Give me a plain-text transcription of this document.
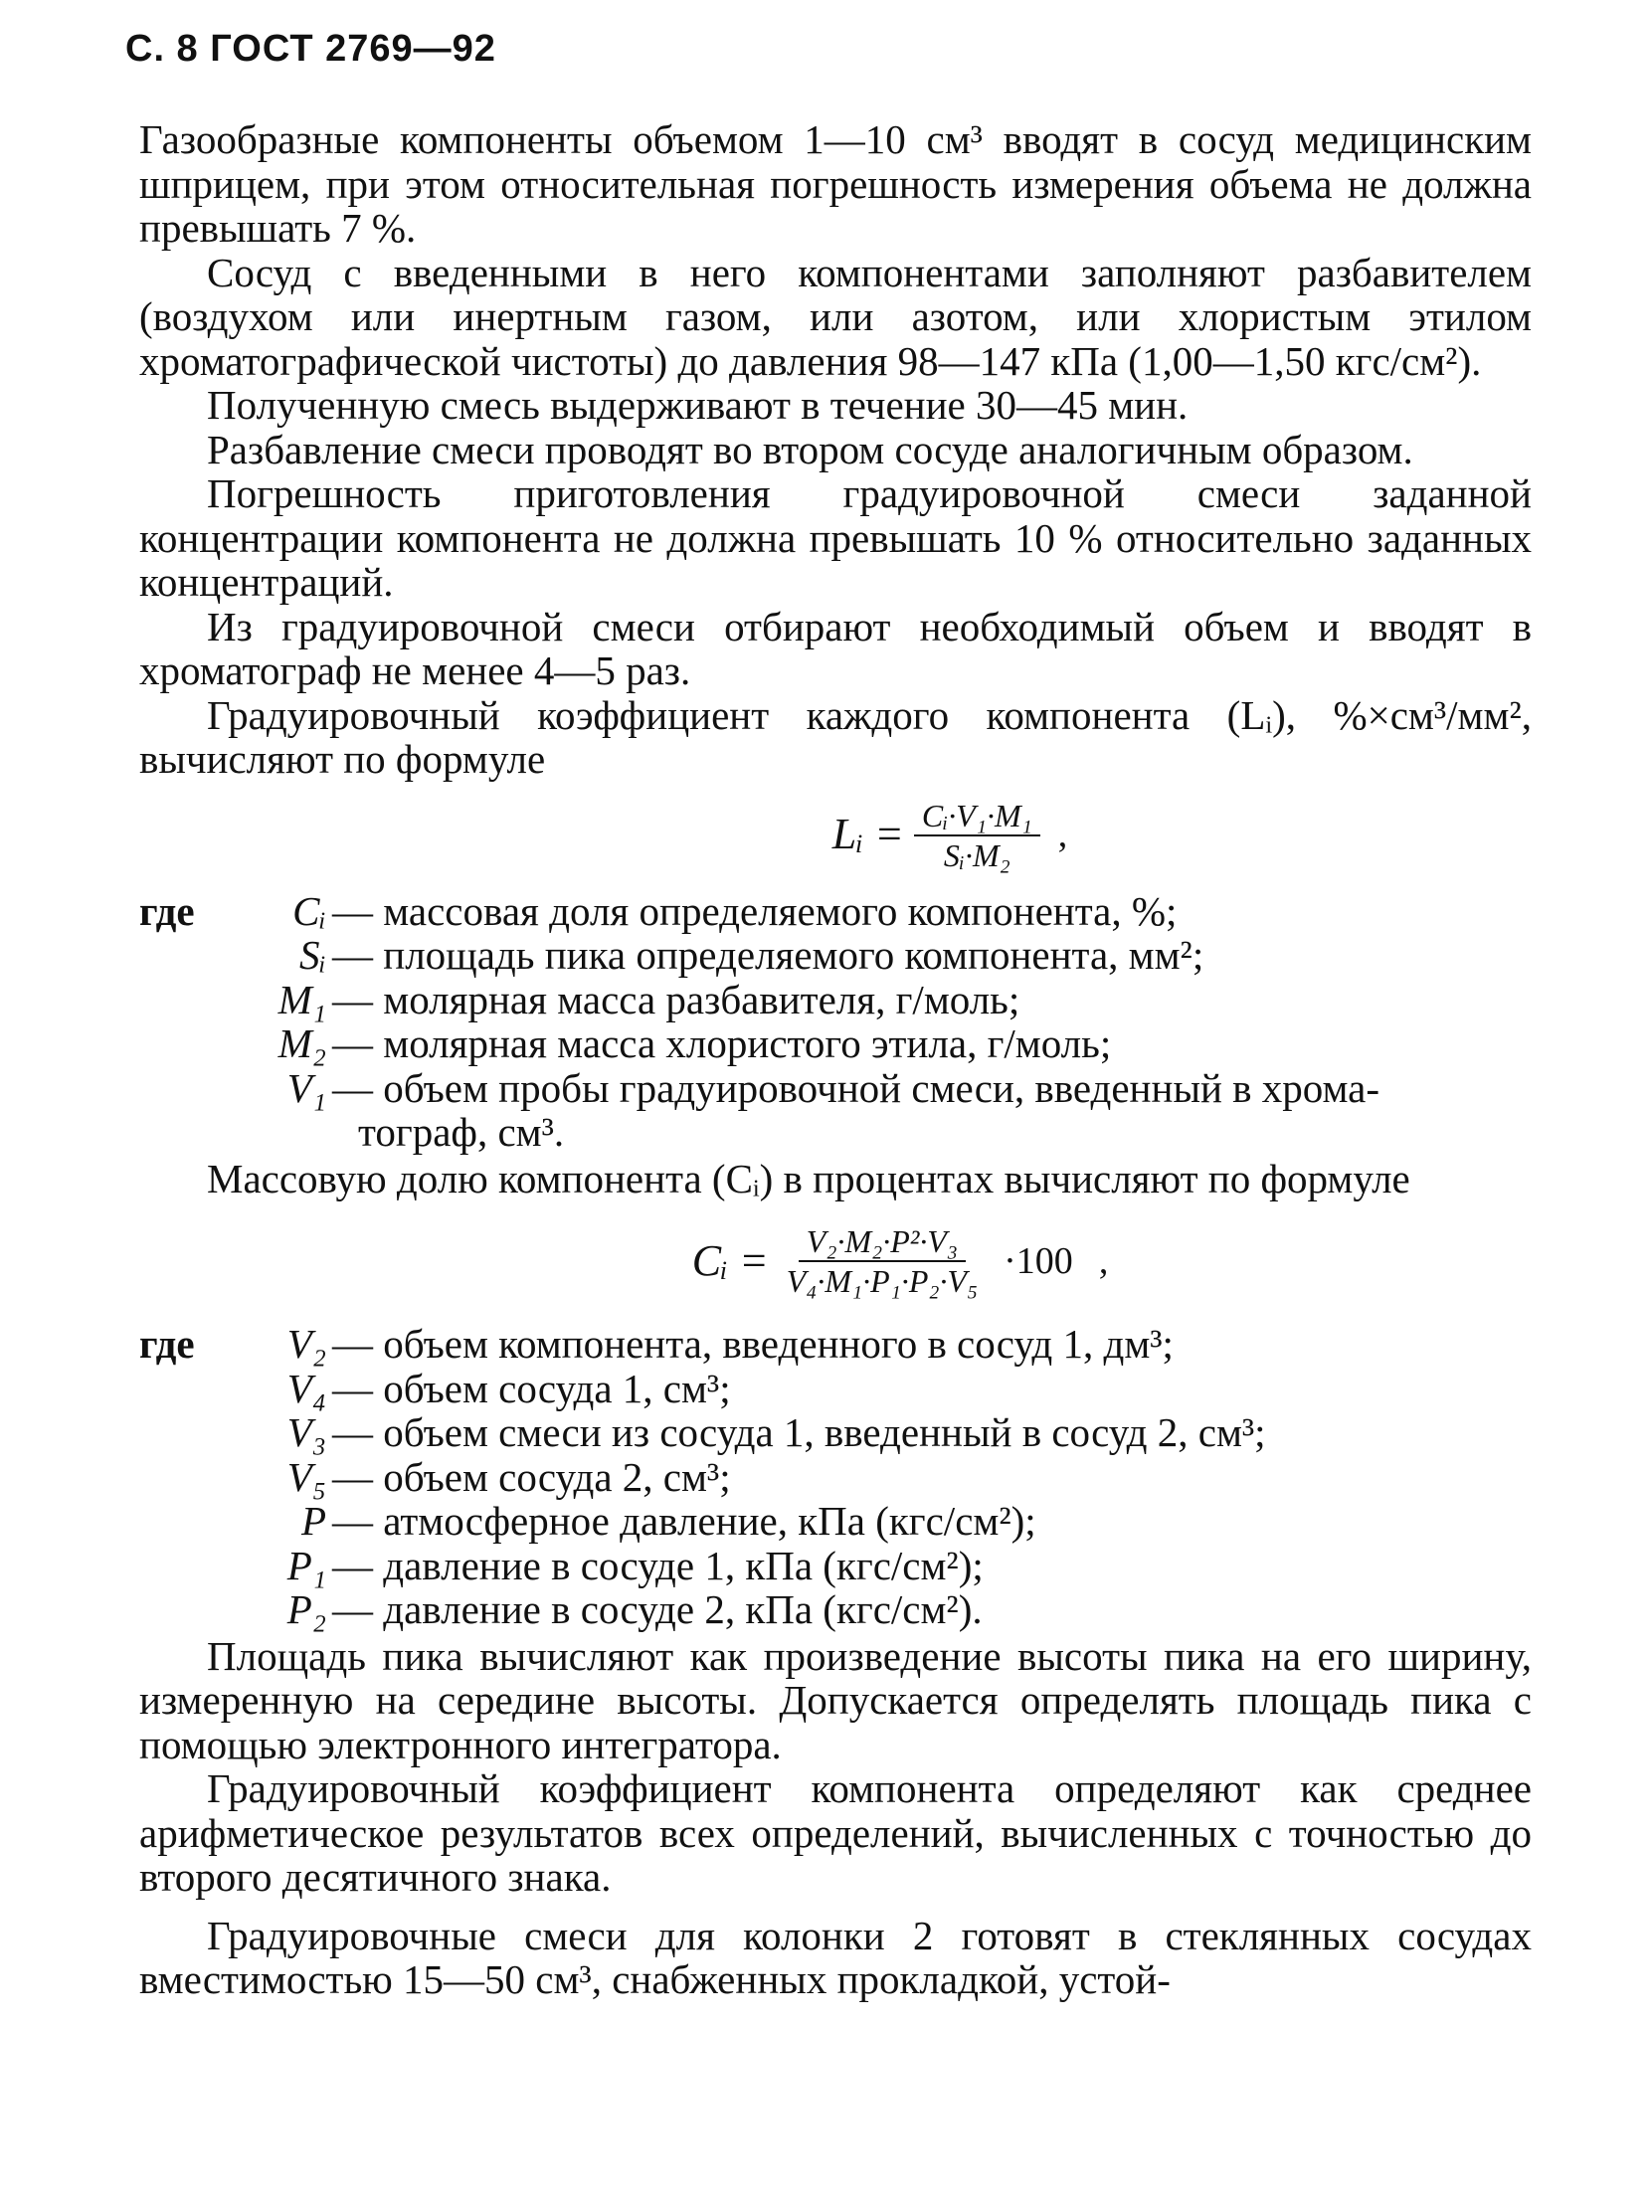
С. 8 ГОСТ 2769—92

Газообразные компоненты объемом 1—10 см³ вводят в сосуд медицинским шприцем, при этом относительная погрешность измерения объема не должна превышать 7 %.

Сосуд с введенными в него компонентами заполняют разбавителем (воздухом или инертным газом, или азотом, или хлористым этилом хроматографической чистоты) до давления 98—147 кПа (1,00—1,50 кгс/см²).

Полученную смесь выдерживают в течение 30—45 мин.

Разбавление смеси проводят во втором сосуде аналогичным образом.

Погрешность приготовления градуировочной смеси заданной концентрации компонента не должна превышать 10 % относительно заданных концентраций.

Из градуировочной смеси отбирают необходимый объем и вводят в хроматограф не менее 4—5 раз.

Градуировочный коэффициент каждого компонента (Lᵢ), %×см³/мм², вычисляют по формуле

Lᵢ = $\frac{\text{Cᵢ·V₁·M₁}}{\text{Sᵢ·M₂}}$ ,
где	Cᵢ — массовая доля определяемого компонента, %;
Sᵢ — площадь пика определяемого компонента, мм²;
M₁ — молярная масса разбавителя, г/моль;
M₂ — молярная масса хлористого этила, г/моль;
V₁ — объем пробы градуировочной смеси, введенный в хрома-
тограф, см³.

Массовую долю компонента (Cᵢ) в процентах вычисляют по формуле

Cᵢ = $\frac{\text{V₂·M₂·P²·V₃}}{\text{V₄·M₁·P₁·P₂·V₅}} \cdot 100$ ,
где	V₂ — объем компонента, введенного в сосуд 1, дм³;
V₄ — объем сосуда 1, см³;
V₃ — объем смеси из сосуда 1, введенный в сосуд 2, см³;
V₅ — объем сосуда 2, см³;
P — атмосферное давление, кПа (кгс/см²);
P₁ — давление в сосуде 1, кПа (кгс/см²);
P₂ — давление в сосуде 2, кПа (кгс/см²).

Площадь пика вычисляют как произведение высоты пика на его ширину, измеренную на середине высоты. Допускается определять площадь пика с помощью электронного интегратора.

Градуировочный коэффициент компонента определяют как среднее арифметическое результатов всех определений, вычисленных с точностью до второго десятичного знака.

Градуировочные смеси для колонки 2 готовят в стеклянных сосудах вместимостью 15—50 см³, снабженных прокладкой, устой-
